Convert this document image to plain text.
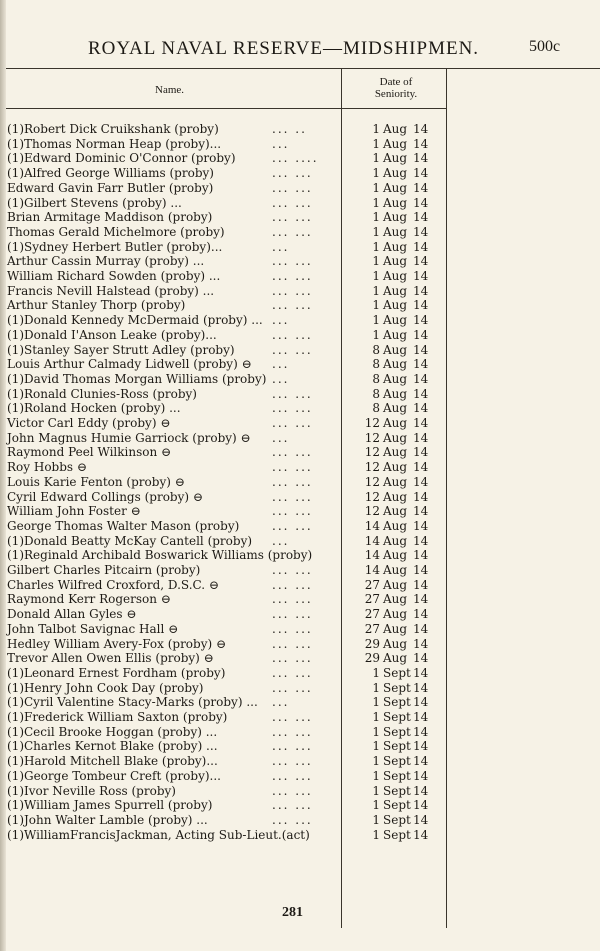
ROYAL NAVAL RESERVE—MIDSHIPMEN.	500c
Name.
Date of
Seniority.
(1)Robert Dick Cruikshank (proby)	... ..	1 Aug 14
(1)Thomas Norman Heap (proby)...	...	1 Aug 14
(1)Edward Dominic O'Connor (proby)	... ....	1 Aug 14
(1)Alfred George Williams (proby)	... ...	1 Aug 14
Edward Gavin Farr Butler (proby)	... ...	1 Aug 14
(1)Gilbert Stevens (proby) ...	... ...	1 Aug 14
Brian Armitage Maddison (proby)	... ...	1 Aug 14
Thomas Gerald Michelmore (proby)	... ...	1 Aug 14
(1)Sydney Herbert Butler (proby)...	...	1 Aug 14
Arthur Cassin Murray (proby) ...	... ...	1 Aug 14
William Richard Sowden (proby) ...	... ...	1 Aug 14
Francis Nevill Halstead (proby) ...	... ...	1 Aug 14
Arthur Stanley Thorp (proby)	... ...	1 Aug 14
(1)Donald Kennedy McDermaid (proby) ... ...	1 Aug 14
(1)Donald I'Anson Leake (proby)...	... ...	1 Aug 14
(1)Stanley Sayer Strutt Adley (proby)	... ...	8 Aug 14
Louis Arthur Calmady Lidwell (proby) ⊖ ...	8 Aug 14
(1)David Thomas Morgan Williams (proby) ...	8 Aug 14
(1)Ronald Clunies-Ross (proby)	... ...	8 Aug 14
(1)Roland Hocken (proby) ...	... ...	8 Aug 14
Victor Carl Eddy (proby) ⊖	... ...	12 Aug 14
John Magnus Humie Garriock (proby) ⊖ ...	12 Aug 14
Raymond Peel Wilkinson ⊖	... ...	12 Aug 14
Roy Hobbs ⊖	... ...	12 Aug 14
Louis Karie Fenton (proby) ⊖	... ...	12 Aug 14
Cyril Edward Collings (proby) ⊖	... ...	12 Aug 14
William John Foster ⊖	... ...	12 Aug 14
George Thomas Walter Mason (proby)	... ...	14 Aug 14
(1)Donald Beatty McKay Cantell (proby) ...	14 Aug 14
(1)Reginald Archibald Boswarick Williams (proby)	14 Aug 14
Gilbert Charles Pitcairn (proby)	... ...	14 Aug 14
Charles Wilfred Croxford, D.S.C. ⊖	... ...	27 Aug 14
Raymond Kerr Rogerson ⊖	... ...	27 Aug 14
Donald Allan Gyles ⊖	... ...	27 Aug 14
John Talbot Savignac Hall ⊖	... ...	27 Aug 14
Hedley William Avery-Fox (proby) ⊖	... ...	29 Aug 14
Trevor Allen Owen Ellis (proby) ⊖	... ...	29 Aug 14
(1)Leonard Ernest Fordham (proby)	... ...	1 Sept 14
(1)Henry John Cook Day (proby)	... ...	1 Sept 14
(1)Cyril Valentine Stacy-Marks (proby) ... ...	1 Sept 14
(1)Frederick William Saxton (proby)	... ...	1 Sept 14
(1)Cecil Brooke Hoggan (proby) ...	... ...	1 Sept 14
(1)Charles Kernot Blake (proby) ...	... ...	1 Sept 14
(1)Harold Mitchell Blake (proby)...	... ...	1 Sept 14
(1)George Tombeur Creft (proby)...	... ...	1 Sept 14
(1)Ivor Neville Ross (proby)	... ...	1 Sept 14
(1)William James Spurrell (proby)	... ...	1 Sept 14
(1)John Walter Lamble (proby) ...	... ...	1 Sept 14
(1)WilliamFrancisJackman, Acting Sub-Lieut.(act)	1 Sept 14
281
